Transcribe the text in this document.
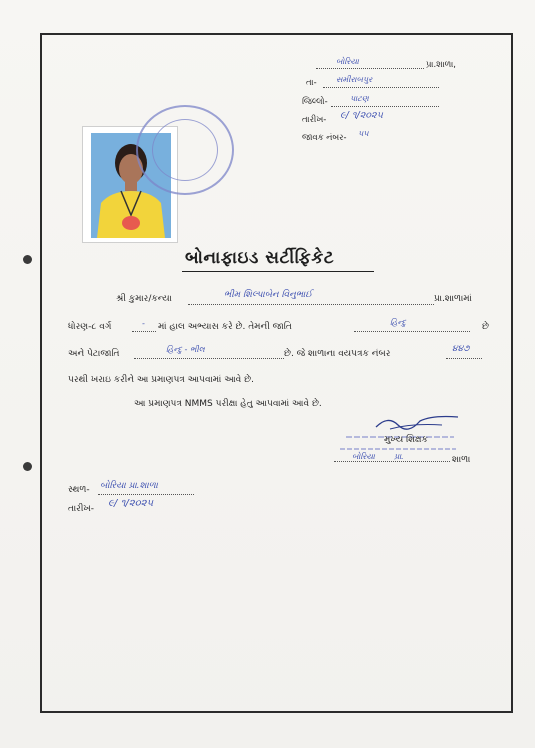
બોરિયા	પ્રા.શાળા,
તા- સમીરાબપુર
જિલ્લો-	પાટણ
તારીખ- ૯/ ૧/૨૦૨૫
જાવક નંબર- ૫૫
બોનાફાઇડ સર્ટીફિકેટ
શ્રી કુમાર/કન્યા	ભીમ શિલ્પાબેન વિનુભાઈ	પ્રા.શાળામાં
ધોરણ-૮ વર્ગ	- માં હાલ અભ્યાસ કરે છે. તેમની જાતિ	હિન્દુ	છે
અને પેટાજાતિ	હિન્દુ - ભીલ	છે. જે શાળાના વયપત્રક નંબર	૪૪૭
પરથી ખરાઇ કરીને આ પ્રમાણપત્ર આપવામાં આવે છે.
આ પ્રમાણપત્ર NMMS પરીક્ષા હેતુ આપવામાં આવે છે.
મુખ્ય શિક્ષક
બોરિયા પ્રા.	શાળા
સ્થળ- બોરિયા પ્રા.શાળા
તારીખ- ૯/ ૧/૨૦૨૫
